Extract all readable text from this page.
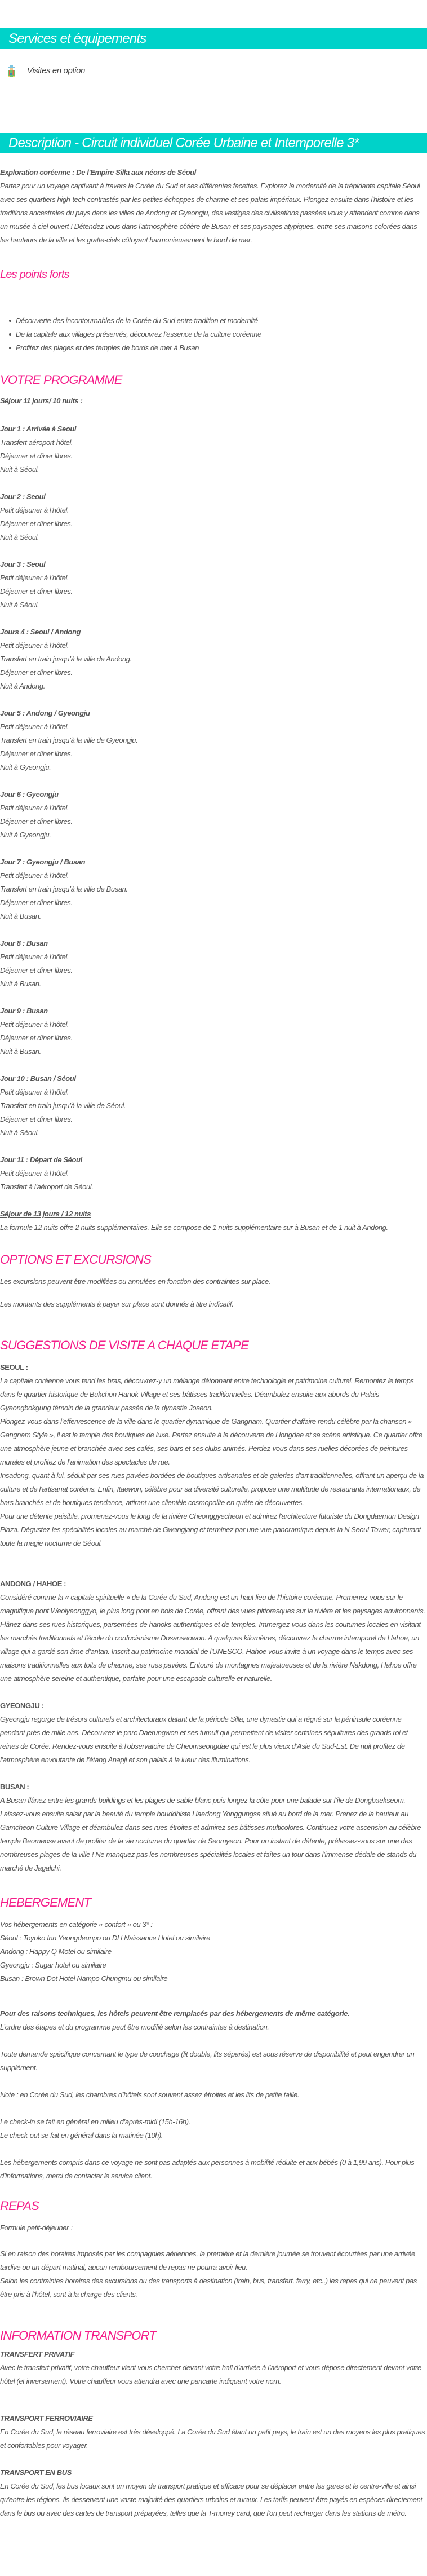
Services et équipements
Visites en option
Description - Circuit individuel Corée Urbaine et Intemporelle 3*

Exploration coréenne : De l'Empire Silla aux néons de Séoul

Partez pour un voyage captivant à travers la Corée du Sud et ses différentes facettes. Explorez la modernité de la trépidante capitale Séoul avec ses quartiers high-tech contrastés par les petites échoppes de charme et ses palais impériaux. Plongez ensuite dans l'histoire et les traditions ancestrales du pays dans les villes de Andong et Gyeongju, des vestiges des civilisations passées vous y attendent comme dans un musée à ciel ouvert ! Détendez vous dans l'atmosphère côtière de Busan et ses paysages atypiques, entre ses maisons colorées dans les hauteurs de la ville et les gratte-ciels côtoyant harmonieusement le bord de mer.

Les points forts
Découverte des incontournables de la Corée du Sud entre tradition et modernité
De la capitale aux villages préservés, découvrez l’essence de la culture coréenne
Profitez des plages et des temples de bords de mer à Busan
VOTRE PROGRAMME

Séjour 11 jours/ 10 nuits :

Jour 1 : Arrivée à Seoul

Transfert aéroport-hôtel.

Déjeuner et dîner libres.

Nuit à Séoul.

Jour 2 : Seoul

Petit déjeuner à l’hôtel.

Déjeuner et dîner libres.

Nuit à Séoul.

Jour 3 : Seoul

Petit déjeuner à l’hôtel.

Déjeuner et dîner libres.

Nuit à Séoul.

Jours 4 : Seoul / Andong

Petit déjeuner à l’hôtel.

Transfert en train jusqu’à la ville de Andong.

Déjeuner et dîner libres.

Nuit à Andong.

Jour 5 : Andong / Gyeongju

Petit déjeuner à l’hôtel.

Transfert en train jusqu’à la ville de Gyeongju.

Déjeuner et dîner libres.

Nuit à Gyeongju.

Jour 6 : Gyeongju

Petit déjeuner à l’hôtel.

Déjeuner et dîner libres.

Nuit à Gyeongju.

Jour 7 : Gyeongju / Busan

Petit déjeuner à l’hôtel.

Transfert en train jusqu’à la ville de Busan.

Déjeuner et dîner libres.

Nuit à Busan.

Jour 8 : Busan

Petit déjeuner à l’hôtel.

Déjeuner et dîner libres.

Nuit à Busan.

Jour 9 : Busan

Petit déjeuner à l’hôtel.

Déjeuner et dîner libres.

Nuit à Busan.

Jour 10 : Busan / Séoul

Petit déjeuner à l’hôtel.

Transfert en train jusqu’à la ville de Séoul.

Déjeuner et dîner libres.

Nuit à Séoul.

Jour 11 : Départ de Séoul

Petit déjeuner à l’hôtel.

Transfert à l’aéroport de Séoul.

Séjour de 13 jours / 12 nuits

La formule 12 nuits offre 2 nuits supplémentaires. Elle se compose de 1 nuits supplémentaire sur à Busan et de 1 nuit à Andong.

OPTIONS ET EXCURSIONS

Les excursions peuvent être modifiées ou annulées en fonction des contraintes sur place.

Les montants des suppléments à payer sur place sont donnés à titre indicatif.

SUGGESTIONS DE VISITE A CHAQUE ETAPE

SEOUL :

La capitale coréenne vous tend les bras, découvrez-y un mélange détonnant entre technologie et patrimoine culturel. Remontez le temps dans le quartier historique de Bukchon Hanok Village et ses bâtisses traditionnelles. Déambulez ensuite aux abords du Palais Gyeongbokgung témoin de la grandeur passée de la dynastie Joseon.

Plongez-vous dans l’effervescence de la ville dans le quartier dynamique de Gangnam. Quartier d’affaire rendu célèbre par la chanson « Gangnam Style », il est le temple des boutiques de luxe. Partez ensuite à la découverte de Hongdae et sa scène artistique. Ce quartier offre une atmosphère jeune et branchée avec ses cafés, ses bars et ses clubs animés. Perdez-vous dans ses ruelles décorées de peintures murales et profitez de l’animation des spectacles de rue.

Insadong, quant à lui, séduit par ses rues pavées bordées de boutiques artisanales et de galeries d'art traditionnelles, offrant un aperçu de la culture et de l'artisanat coréens. Enfin, Itaewon, célèbre pour sa diversité culturelle, propose une multitude de restaurants internationaux, de bars branchés et de boutiques tendance, attirant une clientèle cosmopolite en quête de découvertes.

Pour une détente paisible, promenez-vous le long de la rivière Cheonggyecheon et admirez l'architecture futuriste du Dongdaemun Design Plaza. Dégustez les spécialités locales au marché de Gwangjang et terminez par une vue panoramique depuis la N Seoul Tower, capturant toute la magie nocturne de Séoul.

ANDONG / HAHOE :

Considéré comme la « capitale spirituelle » de la Corée du Sud, Andong est un haut lieu de l’histoire coréenne. Promenez-vous sur le magnifique pont Weolyeonggyo, le plus long pont en bois de Corée, offrant des vues pittoresques sur la rivière et les paysages environnants. Flânez dans ses rues historiques, parsemées de hanoks authentiques et de temples. Immergez-vous dans les coutumes locales en visitant les marchés traditionnels et l'école du confucianisme Dosanseowon. A quelques kilomètres, découvrez le charme intemporel de Hahoe, un village qui a gardé son âme d’antan. Inscrit au patrimoine mondial de l'UNESCO, Hahoe vous invite à un voyage dans le temps avec ses maisons traditionnelles aux toits de chaume, ses rues pavées. Entouré de montagnes majestueuses et de la rivière Nakdong, Hahoe offre une atmosphère sereine et authentique, parfaite pour une escapade culturelle et naturelle.

GYEONGJU :

Gyeongju regorge de trésors culturels et architecturaux datant de la période Silla, une dynastie qui a régné sur la péninsule coréenne pendant près de mille ans. Découvrez le parc Daerungwon et ses tumuli qui permettent de visiter certaines sépultures des grands roi et reines de Corée. Rendez-vous ensuite à l’observatoire de Cheomseongdae qui est le plus vieux d’Asie du Sud-Est. De nuit profitez de l’atmosphère envoutante de l’étang Anapji et son palais à la lueur des illuminations.

BUSAN :

A Busan flânez entre les grands buildings et les plages de sable blanc puis longez la côte pour une balade sur l’île de Dongbaekseom. Laissez-vous ensuite saisir par la beauté du temple bouddhiste Haedong Yonggungsa situé au bord de la mer. Prenez de la hauteur au Gamcheon Culture Village et déambulez dans ses rues étroites et admirez ses bâtisses multicolores. Continuez votre ascension au célèbre temple Beomeosa avant de profiter de la vie nocturne du quartier de Seomyeon. Pour un instant de détente, prélassez-vous sur une des nombreuses plages de la ville ! Ne manquez pas les nombreuses spécialités locales et faîtes un tour dans l’immense dédale de stands du marché de Jagalchi.

HEBERGEMENT

Vos hébergements en catégorie « confort » ou 3* :

Séoul : Toyoko Inn Yeongdeunpo ou DH Naissance Hotel ou similaire

Andong : Happy Q Motel ou similaire

Gyeongju : Sugar hotel ou similaire

Busan : Brown Dot Hotel Nampo Chungmu ou similaire

Pour des raisons techniques, les hôtels peuvent être remplacés par des hébergements de même catégorie.

L’ordre des étapes et du programme peut être modifié selon les contraintes à destination.

Toute demande spécifique concernant le type de couchage (lit double, lits séparés) est sous réserve de disponibilité et peut engendrer un supplément.

Note : en Corée du Sud, les chambres d’hôtels sont souvent assez étroites et les lits de petite taille.

Le check-in se fait en général en milieu d’après-midi (15h-16h).

Le check-out se fait en général dans la matinée (10h).

Les hébergements compris dans ce voyage ne sont pas adaptés aux personnes à mobilité réduite et aux bébés (0 à 1,99 ans). Pour plus d’informations, merci de contacter le service client.

REPAS

Formule petit-déjeuner :

Si en raison des horaires imposés par les compagnies aériennes, la première et la dernière journée se trouvent écourtées par une arrivée tardive ou un départ matinal, aucun remboursement de repas ne pourra avoir lieu.

Selon les contraintes horaires des excursions ou des transports à destination (train, bus, transfert, ferry, etc..) les repas qui ne peuvent pas être pris à l’hôtel, sont à la charge des clients.

INFORMATION TRANSPORT

TRANSFERT PRIVATIF

Avec le transfert privatif, votre chauffeur vient vous chercher devant votre hall d’arrivée à l’aéroport et vous dépose directement devant votre hôtel (et inversement). Votre chauffeur vous attendra avec une pancarte indiquant votre nom.

TRANSPORT FERROVIAIRE

En Corée du Sud, le réseau ferroviaire est très développé. La Corée du Sud étant un petit pays, le train est un des moyens les plus pratiques et confortables pour voyager.

TRANSPORT EN BUS

En Corée du Sud, les bus locaux sont un moyen de transport pratique et efficace pour se déplacer entre les gares et le centre-ville et ainsi qu'entre les régions. Ils desservent une vaste majorité des quartiers urbains et ruraux. Les tarifs peuvent être payés en espèces directement dans le bus ou avec des cartes de transport prépayées, telles que la T-money card, que l'on peut recharger dans les stations de métro.
